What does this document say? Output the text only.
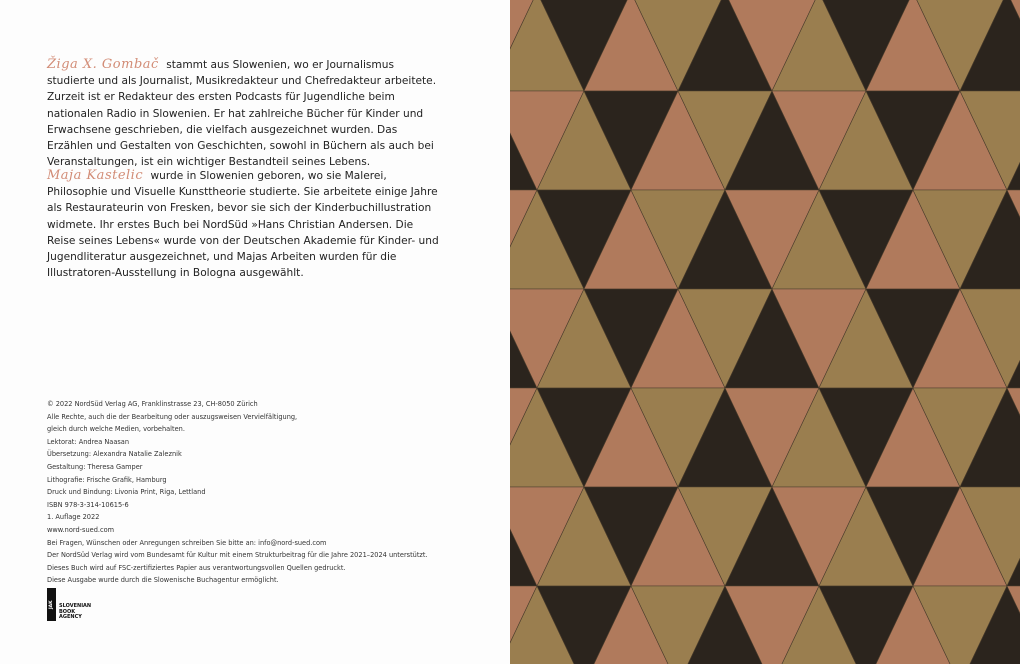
Žiga X. Gombač stammt aus Slowenien, wo er Journalismus studierte und als Journalist, Musikredakteur und Chefredakteur arbeitete. Zurzeit ist er Redakteur des ersten Podcasts für Jugendliche beim nationalen Radio in Slowenien. Er hat zahlreiche Bücher für Kinder und Erwachsene geschrieben, die vielfach ausgezeichnet wurden. Das Erzählen und Gestalten von Geschichten, sowohl in Büchern als auch bei Veranstaltungen, ist ein wichtiger Bestandteil seines Lebens.

Maja Kastelic wurde in Slowenien geboren, wo sie Malerei, Philosophie und Visuelle Kunsttheorie studierte. Sie arbeitete einige Jahre als Restaurateurin von Fresken, bevor sie sich der Kinderbuchillustration widmete. Ihr erstes Buch bei NordSüd »Hans Christian Andersen. Die Reise seines Lebens« wurde von der Deutschen Akademie für Kinder- und Jugendliteratur ausgezeichnet, und Majas Arbeiten wurden für die Illustratoren-Ausstellung in Bologna ausgewählt.

© 2022 NordSüd Verlag AG, Franklinstrasse 23, CH-8050 Zürich
Alle Rechte, auch die der Bearbeitung oder auszugsweisen Vervielfältigung,
gleich durch welche Medien, vorbehalten.
Lektorat: Andrea Naasan
Übersetzung: Alexandra Natalie Zaleznik
Gestaltung: Theresa Gamper
Lithografie: Frische Grafik, Hamburg
Druck und Bindung: Livonia Print, Riga, Lettland
ISBN 978-3-314-10615-6
1. Auflage 2022
www.nord-sued.com
Bei Fragen, Wünschen oder Anregungen schreiben Sie bitte an: info@nord-sued.com
Der NordSüd Verlag wird vom Bundesamt für Kultur mit einem Strukturbeitrag für die Jahre 2021–2024 unterstützt.
Dieses Buch wird auf FSC-zertifiziertes Papier aus verantwortungsvollen Quellen gedruckt.
Diese Ausgabe wurde durch die Slowenische Buchagentur ermöglicht.
JAK	SLOVENIAN
BOOK
AGENCY
